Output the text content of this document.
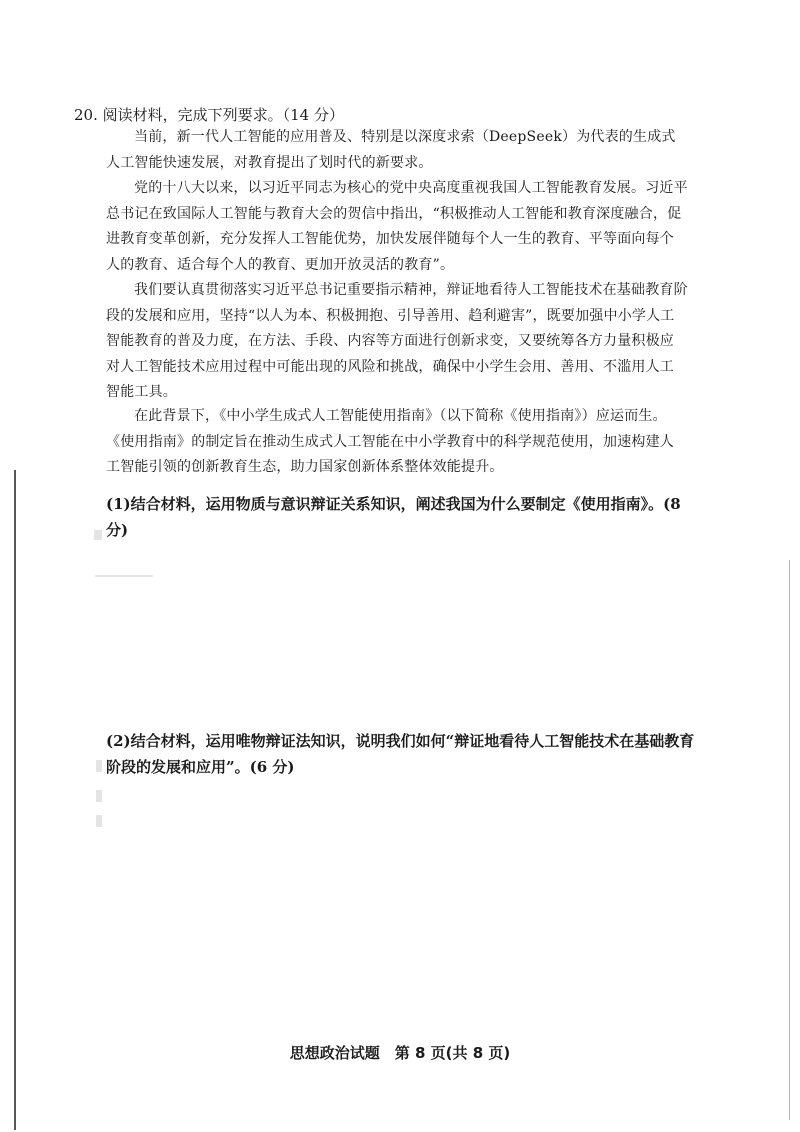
20. 阅读材料，完成下列要求。（14 分）

当前，新一代人工智能的应用普及、特别是以深度求索（DeepSeek）为代表的生成式人工智能快速发展，对教育提出了划时代的新要求。

党的十八大以来，以习近平同志为核心的党中央高度重视我国人工智能教育发展。习近平总书记在致国际人工智能与教育大会的贺信中指出，“积极推动人工智能和教育深度融合，促进教育变革创新，充分发挥人工智能优势，加快发展伴随每个人一生的教育、平等面向每个人的教育、适合每个人的教育、更加开放灵活的教育”。

我们要认真贯彻落实习近平总书记重要指示精神，辩证地看待人工智能技术在基础教育阶段的发展和应用，坚持“以人为本、积极拥抱、引导善用、趋利避害”，既要加强中小学人工智能教育的普及力度，在方法、手段、内容等方面进行创新求变，又要统筹各方力量积极应对人工智能技术应用过程中可能出现的风险和挑战，确保中小学生会用、善用、不滥用人工智能工具。

在此背景下，《中小学生成式人工智能使用指南》（以下简称《使用指南》）应运而生。《使用指南》的制定旨在推动生成式人工智能在中小学教育中的科学规范使用，加速构建人工智能引领的创新教育生态，助力国家创新体系整体效能提升。

(1)结合材料，运用物质与意识辩证关系知识，阐述我国为什么要制定《使用指南》。(8 分)
(2)结合材料，运用唯物辩证法知识，说明我们如何“辩证地看待人工智能技术在基础教育阶段的发展和应用”。(6 分)
思想政治试题　第 8 页(共 8 页)
